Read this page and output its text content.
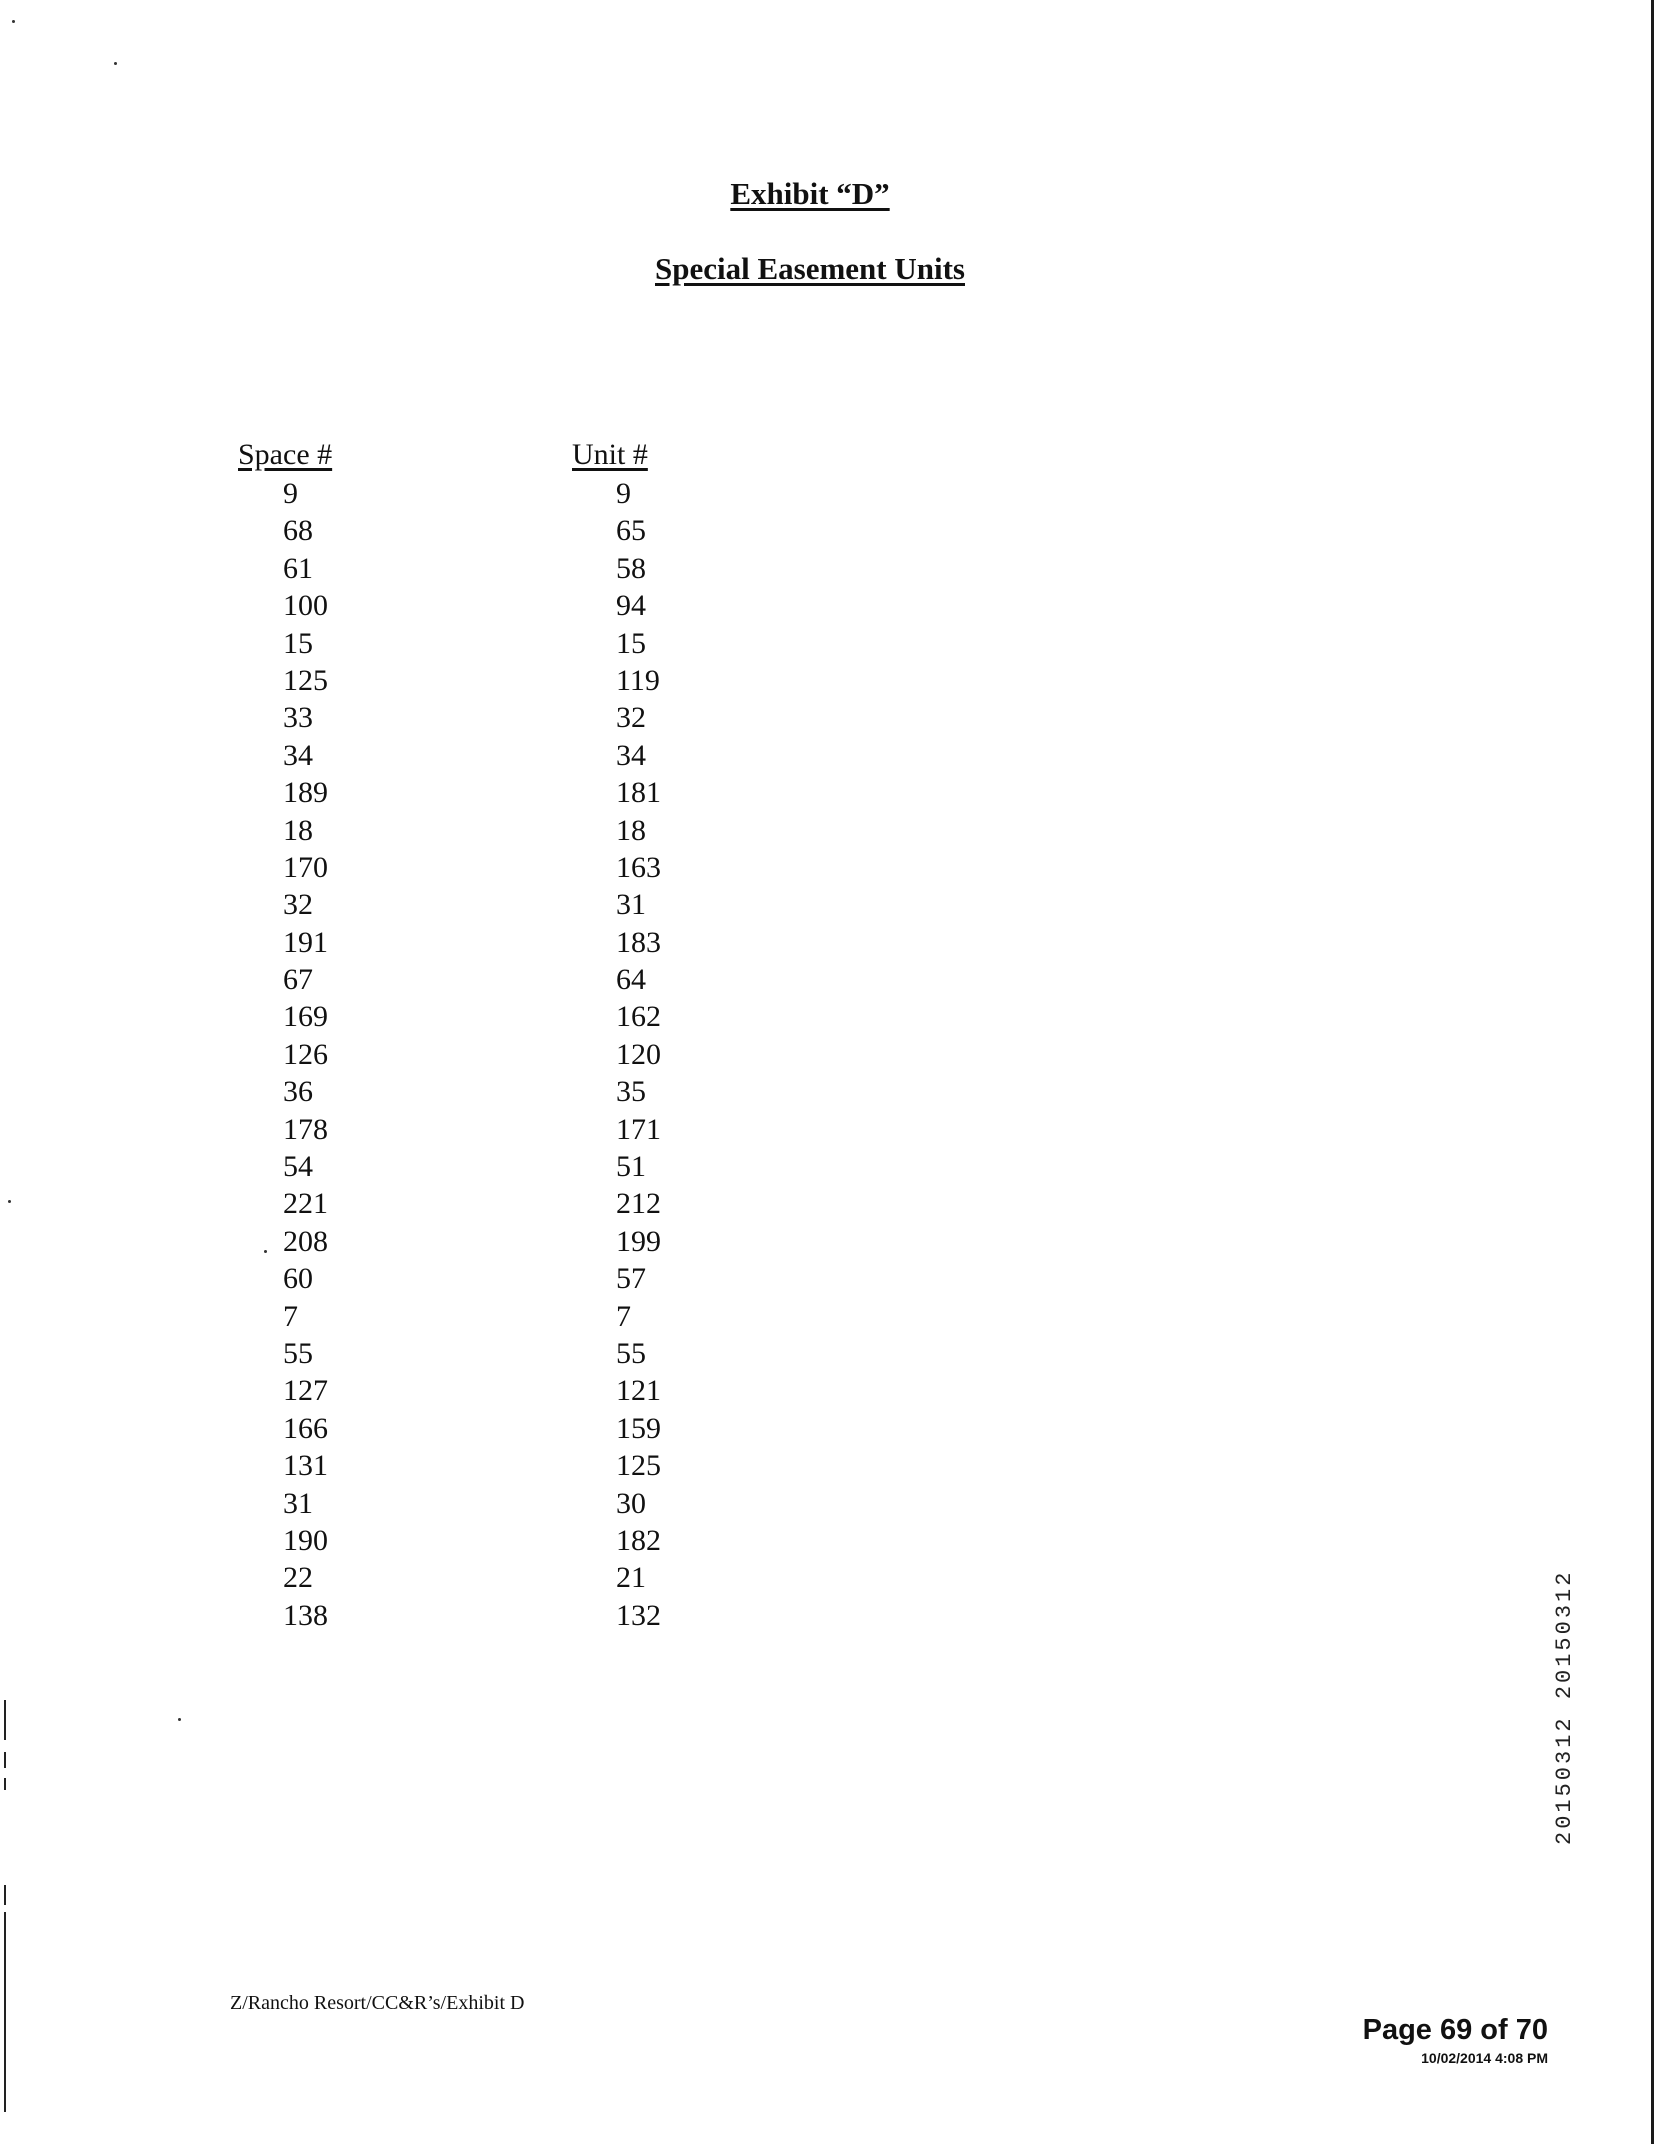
Exhibit “D”
Special Easement Units
Space #	Unit #
9	9
68	65
61	58
100	94
15	15
125	119
33	32
34	34
189	181
18	18
170	163
32	31
191	183
67	64
169	162
126	120
36	35
178	171
54	51
221	212
208	199
60	57
7	7
55	55
127	121
166	159
131	125
31	30
190	182
22	21
138	132
Z/Rancho Resort/CC&R’s/Exhibit D
Page 69 of 70
10/02/2014 4:08 PM
20150312 20150312
